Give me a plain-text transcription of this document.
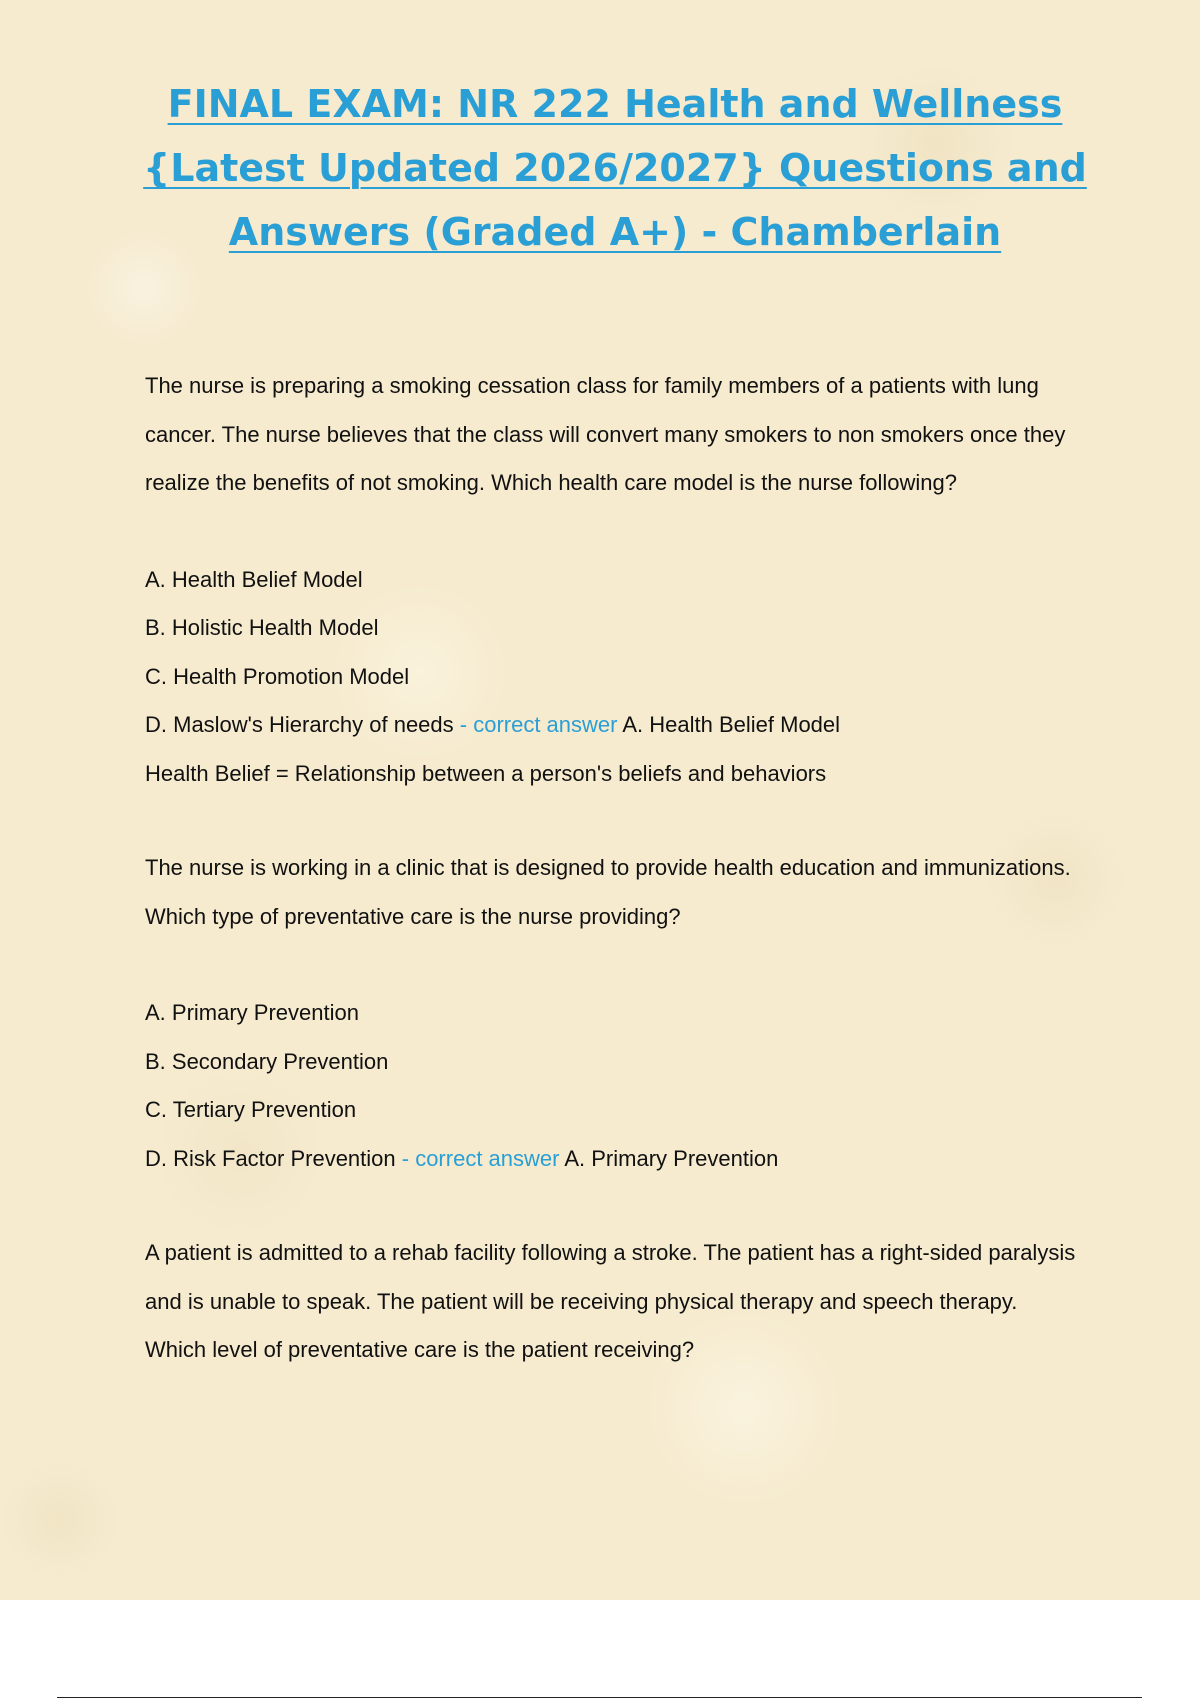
FINAL EXAM: NR 222 Health and Wellness
{Latest Updated 2026/2027} Questions and
Answers (Graded A+) - Chamberlain

The nurse is preparing a smoking cessation class for family members of a patients with lung cancer. The nurse believes that the class will convert many smokers to non smokers once they realize the benefits of not smoking. Which health care model is the nurse following?

A. Health Belief Model

B. Holistic Health Model

C. Health Promotion Model

D. Maslow's Hierarchy of needs - correct answer A. Health Belief Model

Health Belief = Relationship between a person's beliefs and behaviors

The nurse is working in a clinic that is designed to provide health education and immunizations. Which type of preventative care is the nurse providing?

A. Primary Prevention

B. Secondary Prevention

C. Tertiary Prevention

D. Risk Factor Prevention - correct answer A. Primary Prevention

A patient is admitted to a rehab facility following a stroke. The patient has a right-sided paralysis and is unable to speak. The patient will be receiving physical therapy and speech therapy. Which level of preventative care is the patient receiving?
